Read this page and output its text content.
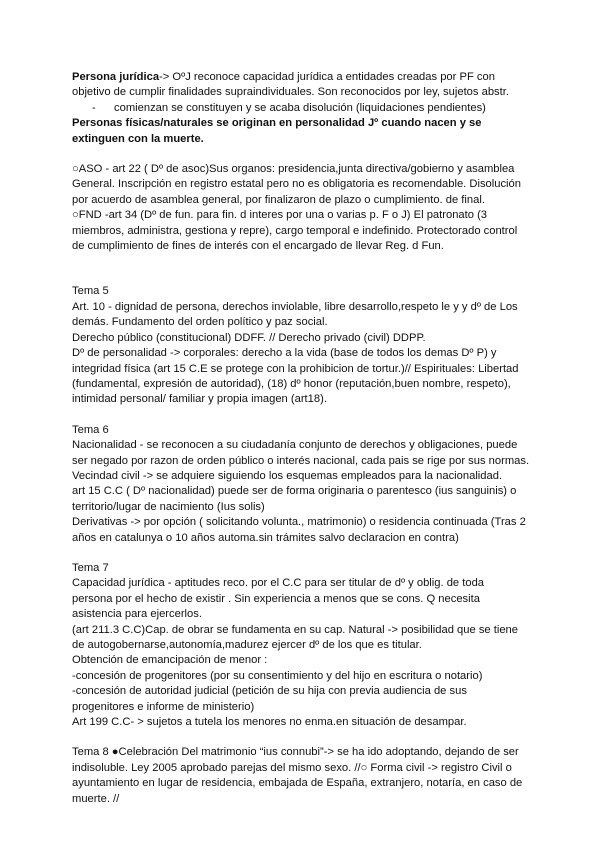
Persona jurídica-> OºJ reconoce capacidad jurídica a entidades creadas por PF con
objetivo de cumplir finalidades supraindividuales. Son reconocidos por ley, sujetos abstr.
- comienzan se constituyen y se acaba disolución (liquidaciones pendientes)
Personas físicas/naturales se originan en personalidad Jº cuando nacen y se
extinguen con la muerte.
○ASO - art 22 ( Dº de asoc)Sus organos: presidencia,junta directiva/gobierno y asamblea
General. Inscripción en registro estatal pero no es obligatoria es recomendable. Disolución
por acuerdo de asamblea general, por finalizaron de plazo o cumplimiento. de final.
○FND -art 34 (Dº de fun. para fin. d interes por una o varias p. F o J) El patronato (3
miembros, administra, gestiona y repre), cargo temporal e indefinido. Protectorado control
de cumplimiento de fines de interés con el encargado de llevar Reg. d Fun.
Tema 5
Art. 10 - dignidad de persona, derechos inviolable, libre desarrollo,respeto le y y dº de Los
demás. Fundamento del orden político y paz social.
Derecho público (constitucional) DDFF. // Derecho privado (civil) DDPP.
Dº de personalidad -> corporales: derecho a la vida (base de todos los demas Dº P) y
integridad física (art 15 C.E se protege con la prohibicion de tortur.)// Espirituales: Libertad
(fundamental, expresión de autoridad), (18) dº honor (reputación,buen nombre, respeto),
intimidad personal/ familiar y propia imagen (art18).
Tema 6
Nacionalidad - se reconocen a su ciudadanía conjunto de derechos y obligaciones, puede
ser negado por razon de orden público o interés nacional, cada pais se rige por sus normas.
Vecindad civil -> se adquiere siguiendo los esquemas empleados para la nacionalidad.
art 15 C.C ( Dº nacionalidad) puede ser de forma originaria o parentesco (ius sanguinis) o
territorio/lugar de nacimiento (Ius solis)
Derivativas -> por opción ( solicitando volunta., matrimonio) o residencia continuada (Tras 2
años en catalunya o 10 años automa.sin trámites salvo declaracion en contra)
Tema 7
Capacidad jurídica - aptitudes reco. por el C.C para ser titular de dº y oblig. de toda
persona por el hecho de existir . Sin experiencia a menos que se cons. Q necesita
asistencia para ejercerlos.
(art 211.3 C.C)Cap. de obrar se fundamenta en su cap. Natural -> posibilidad que se tiene
de autogobernarse,autonomía,madurez ejercer dº de los que es titular.
Obtención de emancipación de menor :
-concesión de progenitores (por su consentimiento y del hijo en escritura o notario)
-concesión de autoridad judicial (petición de su hija con previa audiencia de sus
progenitores e informe de ministerio)
Art 199 C.C- > sujetos a tutela los menores no enma.en situación de desampar.
Tema 8 ●Celebración Del matrimonio “ius connubi”-> se ha ido adoptando, dejando de ser
indisoluble. Ley 2005 aprobado parejas del mismo sexo. //○ Forma civil -> registro Civil o
ayuntamiento en lugar de residencia, embajada de España, extranjero, notaría, en caso de
muerte. //
